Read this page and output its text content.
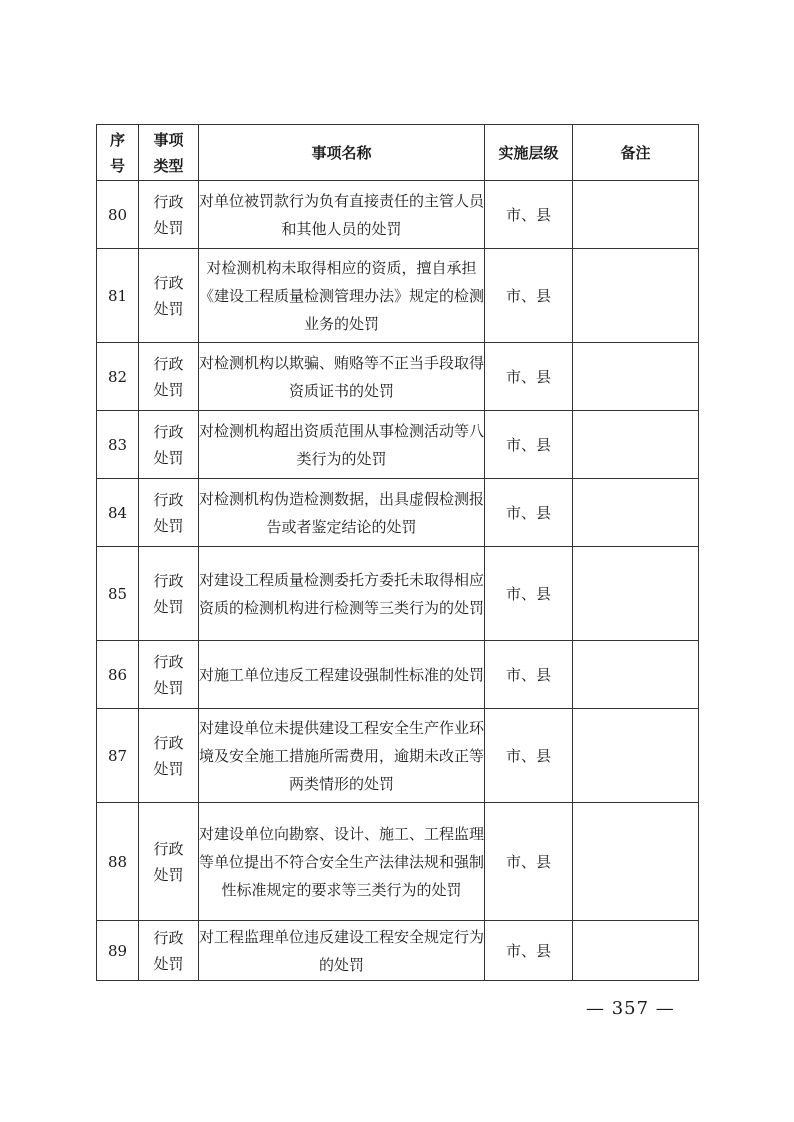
序号	事项类型	事项名称	实施层级	备注
80	行政处罚	对单位被罚款行为负有直接责任的主管人员和其他人员的处罚	市、县	
81	行政处罚	对检测机构未取得相应的资质，擅自承担《建设工程质量检测管理办法》规定的检测业务的处罚	市、县	
82	行政处罚	对检测机构以欺骗、贿赂等不正当手段取得资质证书的处罚	市、县	
83	行政处罚	对检测机构超出资质范围从事检测活动等八类行为的处罚	市、县	
84	行政处罚	对检测机构伪造检测数据，出具虚假检测报告或者鉴定结论的处罚	市、县	
85	行政处罚	对建设工程质量检测委托方委托未取得相应资质的检测机构进行检测等三类行为的处罚	市、县	
86	行政处罚	对施工单位违反工程建设强制性标准的处罚	市、县	
87	行政处罚	对建设单位未提供建设工程安全生产作业环境及安全施工措施所需费用，逾期未改正等两类情形的处罚	市、县	
88	行政处罚	对建设单位向勘察、设计、施工、工程监理等单位提出不符合安全生产法律法规和强制性标准规定的要求等三类行为的处罚	市、县	
89	行政处罚	对工程监理单位违反建设工程安全规定行为的处罚	市、县	
— 357 —
